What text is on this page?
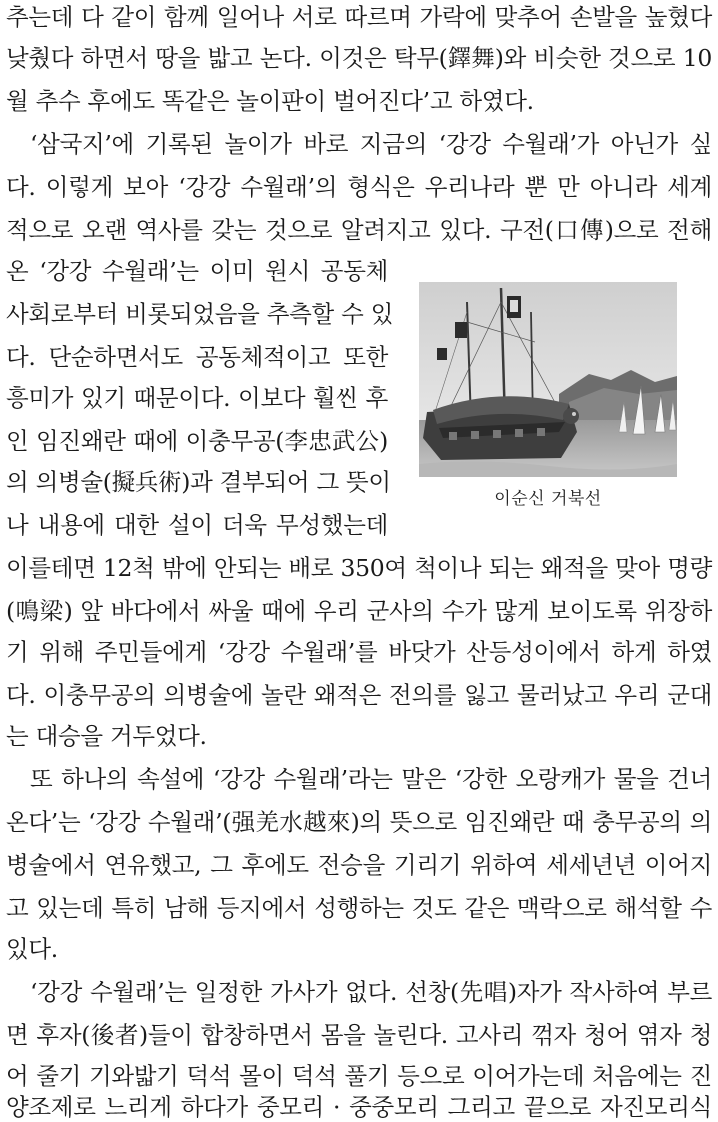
추는데 다 같이 함께 일어나 서로 따르며 가락에 맞추어 손발을 높혔다
낮췄다 하면서 땅을 밟고 논다. 이것은 탁무(鐸舞)와 비슷한 것으로 10
월 추수 후에도 똑같은 놀이판이 벌어진다’고 하였다.
‘삼국지’에 기록된 놀이가 바로 지금의 ‘강강 수월래’가 아닌가 싶
다. 이렇게 보아 ‘강강 수월래’의 형식은 우리나라 뿐 만 아니라 세계
적으로 오랜 역사를 갖는 것으로 알려지고 있다. 구전(口傳)으로 전해
온 ‘강강 수월래’는 이미 원시 공동체
사회로부터 비롯되었음을 추측할 수 있
다. 단순하면서도 공동체적이고 또한
흥미가 있기 때문이다. 이보다 훨씬 후
인 임진왜란 때에 이충무공(李忠武公)
의 의병술(擬兵術)과 결부되어 그 뜻이
나 내용에 대한 설이 더욱 무성했는데
이를테면 12척 밖에 안되는 배로 350여 척이나 되는 왜적을 맞아 명량
(鳴梁) 앞 바다에서 싸울 때에 우리 군사의 수가 많게 보이도록 위장하
기 위해 주민들에게 ‘강강 수월래’를 바닷가 산등성이에서 하게 하였
다. 이충무공의 의병술에 놀란 왜적은 전의를 잃고 물러났고 우리 군대
는 대승을 거두었다.
또 하나의 속설에 ‘강강 수월래’라는 말은 ‘강한 오랑캐가 물을 건너
온다’는 ‘강강 수월래’(强羌水越來)의 뜻으로 임진왜란 때 충무공의 의
병술에서 연유했고, 그 후에도 전승을 기리기 위하여 세세년년 이어지
고 있는데 특히 남해 등지에서 성행하는 것도 같은 맥락으로 해석할 수
있다.
‘강강 수월래’는 일정한 가사가 없다. 선창(先唱)자가 작사하여 부르
면 후자(後者)들이 합창하면서 몸을 놀린다. 고사리 꺾자 청어 엮자 청
어 줄기 기와밟기 덕석 몰이 덕석 풀기 등으로 이어가는데 처음에는 진
양조제로 느리게 하다가 중모리 · 중중모리 그리고 끝으로 자진모리식
이순신 거북선
